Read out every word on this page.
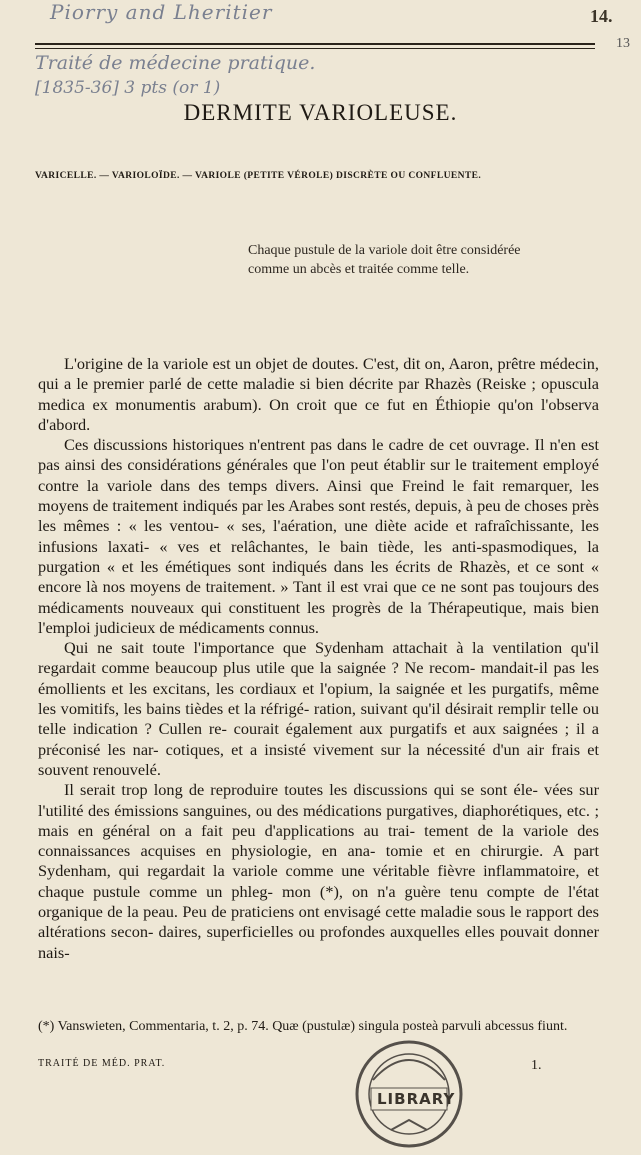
Piorry and Lheritier
Traité de médecine pratique.
[1835-36] 3 pts (or 1)
14.
13
DERMITE VARIOLEUSE.
VARICELLE. — VARIOLOÏDE. — VARIOLE (PETITE VÉROLE) DISCRÈTE OU CONFLUENTE.
Chaque pustule de la variole doit être considérée
comme un abcès et traitée comme telle.

L'origine de la variole est un objet de doutes. C'est, dit on, Aaron, prêtre médecin, qui a le premier parlé de cette maladie si bien décrite par Rhazès (Reiske ; opuscula medica ex monumentis arabum). On croit que ce fut en Éthiopie qu'on l'observa d'abord.

Ces discussions historiques n'entrent pas dans le cadre de cet ouvrage. Il n'en est pas ainsi des considérations générales que l'on peut établir sur le traitement employé contre la variole dans des temps divers. Ainsi que Freind le fait remarquer, les moyens de traitement indiqués par les Arabes sont restés, depuis, à peu de choses près les mêmes : « les ventou- « ses, l'aération, une diète acide et rafraîchissante, les infusions laxati- « ves et relâchantes, le bain tiède, les anti-spasmodiques, la purgation « et les émétiques sont indiqués dans les écrits de Rhazès, et ce sont « encore là nos moyens de traitement. » Tant il est vrai que ce ne sont pas toujours des médicaments nouveaux qui constituent les progrès de la Thérapeutique, mais bien l'emploi judicieux de médicaments connus.

Qui ne sait toute l'importance que Sydenham attachait à la ventilation qu'il regardait comme beaucoup plus utile que la saignée ? Ne recom- mandait-il pas les émollients et les excitans, les cordiaux et l'opium, la saignée et les purgatifs, même les vomitifs, les bains tièdes et la réfrigé- ration, suivant qu'il désirait remplir telle ou telle indication ? Cullen re- courait également aux purgatifs et aux saignées ; il a préconisé les nar- cotiques, et a insisté vivement sur la nécessité d'un air frais et souvent renouvelé.

Il serait trop long de reproduire toutes les discussions qui se sont éle- vées sur l'utilité des émissions sanguines, ou des médications purgatives, diaphorétiques, etc. ; mais en général on a fait peu d'applications au trai- tement de la variole des connaissances acquises en physiologie, en ana- tomie et en chirurgie. A part Sydenham, qui regardait la variole comme une véritable fièvre inflammatoire, et chaque pustule comme un phleg- mon (*), on n'a guère tenu compte de l'état organique de la peau. Peu de praticiens ont envisagé cette maladie sous le rapport des altérations secon- daires, superficielles ou profondes auxquelles elles pouvait donner nais-

(*) Vanswieten, Commentaria, t. 2, p. 74. Quæ (pustulæ) singula posteà parvuli abcessus fiunt.
TRAITÉ DE MÉD. PRAT.	1.
LIBRARY
